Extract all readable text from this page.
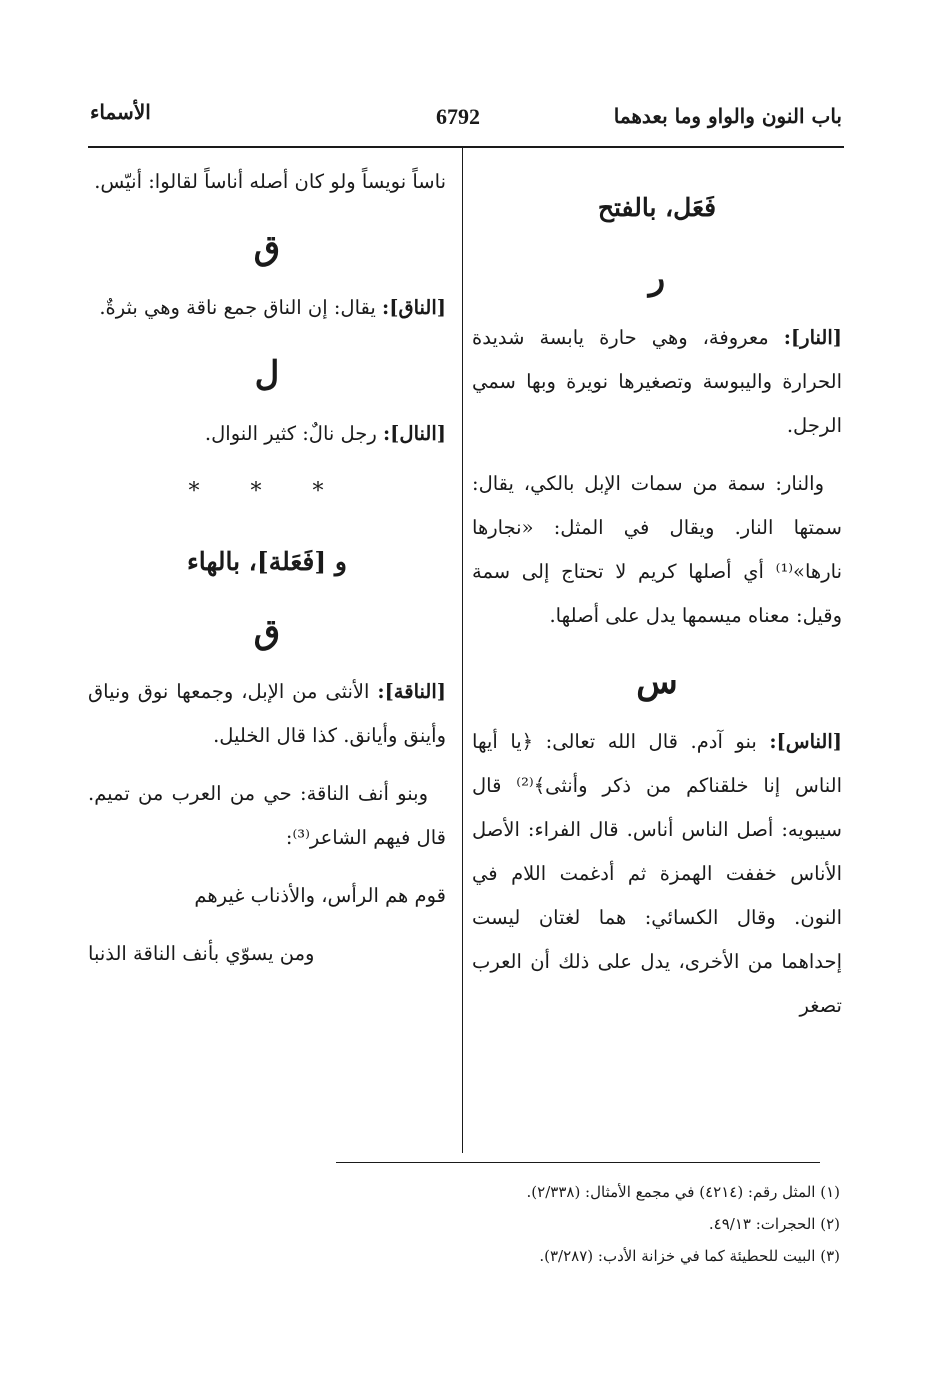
باب النون والواو وما بعدهما
6792
الأسماء
فَعَل، بالفتح
ر

[النار]: معروفة، وهي حارة يابسة شديدة الحرارة واليبوسة وتصغيرها نويرة وبها سمي الرجل.

والنار: سمة من سمات الإبل بالكي، يقال: سمتها النار. ويقال في المثل: «نجارها نارها»⁽¹⁾ أي أصلها كريم لا تحتاج إلى سمة وقيل: معناه ميسمها يدل على أصلها.

س

[الناس]: بنو آدم. قال الله تعالى: ﴿يا أيها الناس إنا خلقناكم من ذكر وأنثى﴾⁽²⁾ قال سيبويه: أصل الناس أناس. قال الفراء: الأصل الأناس خففت الهمزة ثم أدغمت اللام في النون. وقال الكسائي: هما لغتان ليست إحداهما من الأخرى، يدل على ذلك أن العرب تصغر

ناساً نويساً ولو كان أصله أناساً لقالوا: أنيّس.

ق

[الناق]: يقال: إن الناق جمع ناقة وهي بثرةٌ.

ل

[النال]: رجل نالٌ: كثير النوال.

* * *
و [فَعَلة]، بالهاء
ق

[الناقة]: الأنثى من الإبل، وجمعها نوق ونياق وأينق وأيانق. كذا قال الخليل.

وبنو أنف الناقة: حي من العرب من تميم. قال فيهم الشاعر⁽³⁾:

قوم هم الرأس، والأذناب غيرهم

ومن يسوّي بأنف الناقة الذنبا

(١) المثل رقم: (٤٢١٤) في مجمع الأمثال: (٢/٣٣٨).

(٢) الحجرات: ٤٩/١٣.

(٣) البيت للحطيئة كما في خزانة الأدب: (٣/٢٨٧).
